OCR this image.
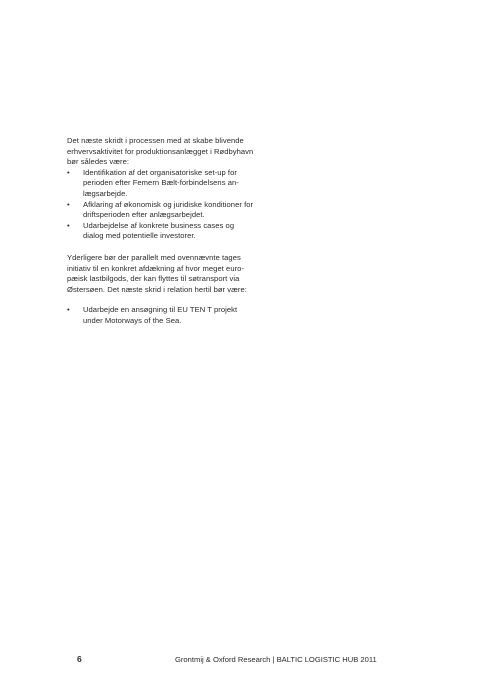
Det næste skridt i processen med at skabe blivende
erhvervsaktivitet for produktionsanlægget i Rødbyhavn
bør således være:

• Identifikation af det organisatoriske set-up for
perioden efter Femern Bælt-forbindelsens an-
lægsarbejde.
• Afklaring af økonomisk og juridiske konditioner for
driftsperioden efter anlægsarbejdet.
• Udarbejdelse af konkrete business cases og
dialog med potentielle investorer.

Yderligere bør der parallelt med ovennævnte tages
initiativ til en konkret afdækning af hvor meget euro-
pæisk lastbilgods, der kan flyttes til søtransport via
Østersøen. Det næste skrid i relation hertil bør være:

• Udarbejde en ansøgning til EU TEN T projekt
under Motorways of the Sea.
6	Grontmij & Oxford Research | BALTIC LOGISTIC HUB 2011
